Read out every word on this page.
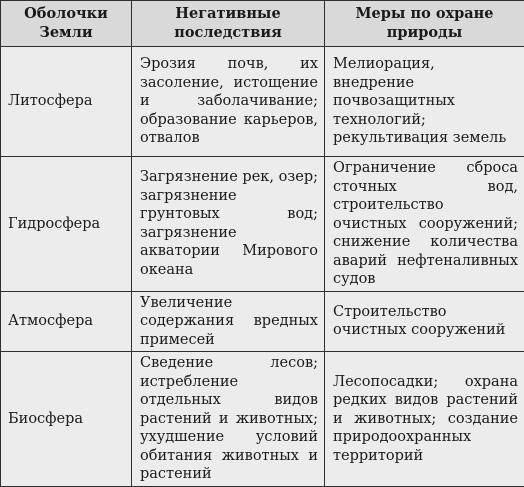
Оболочки Земли	Негативные последствия	Меры по охране природы
Литосфера	Эрозия почв, их засоление, истощение и заболачивание; образование карьеров, отвалов	Мелиорация, внедрение почвозащитных технологий; рекультивация земель
Гидросфера	Загрязнение рек, озер; загрязнение грунтовых вод; загрязнение акватории Мирового океана	Ограничение сброса сточных вод, строительство очистных сооружений; снижение количества аварий нефтеналивных судов
Атмосфера	Увеличение содержания вредных примесей	Строительство очистных сооружений
Биосфера	Сведение лесов; истребление отдельных видов растений и животных; ухудшение условий обитания животных и растений	Лесопосадки; охрана редких видов растений и животных; создание природоохранных территорий
